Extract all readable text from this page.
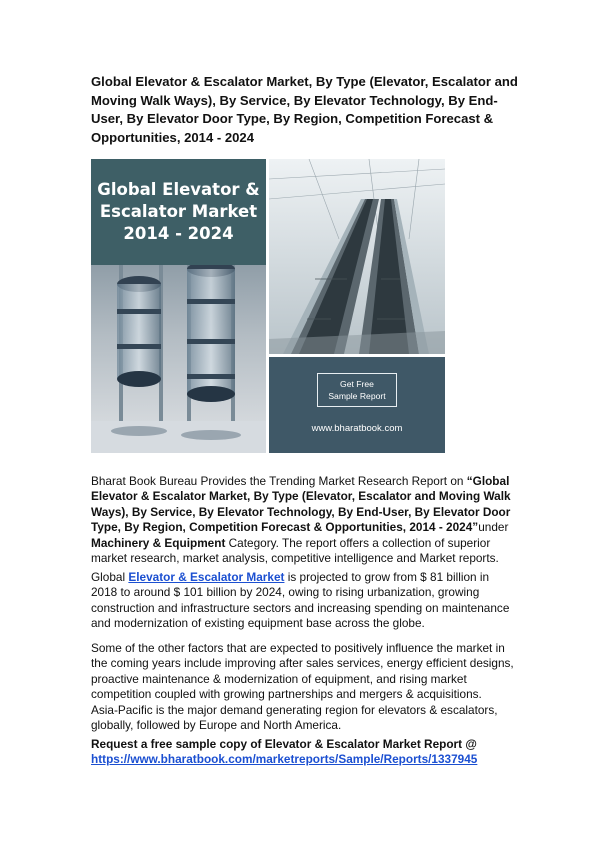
Global Elevator & Escalator Market, By Type (Elevator, Escalator and Moving Walk Ways), By Service, By Elevator Technology, By End-User, By Elevator Door Type, By Region, Competition Forecast & Opportunities, 2014 - 2024
Global Elevator &
Escalator Market
2014 - 2024
Get Free
Sample Report
www.bharatbook.com

Bharat Book Bureau Provides the Trending Market Research Report on “Global Elevator & Escalator Market, By Type (Elevator, Escalator and Moving Walk Ways), By Service, By Elevator Technology, By End-User, By Elevator Door Type, By Region, Competition Forecast & Opportunities, 2014 - 2024”under Machinery & Equipment Category. The report offers a collection of superior market research, market analysis, competitive intelligence and Market reports.

Global Elevator & Escalator Market is projected to grow from $ 81 billion in 2018 to around $ 101 billion by 2024, owing to rising urbanization, growing construction and infrastructure sectors and increasing spending on maintenance and modernization of existing equipment base across the globe.

Some of the other factors that are expected to positively influence the market in the coming years include improving after sales services, energy efficient designs, proactive maintenance & modernization of equipment, and rising market competition coupled with growing partnerships and mergers & acquisitions.
Asia-Pacific is the major demand generating region for elevators & escalators, globally, followed by Europe and North America.

Request a free sample copy of Elevator & Escalator Market Report @
https://www.bharatbook.com/marketreports/Sample/Reports/1337945
